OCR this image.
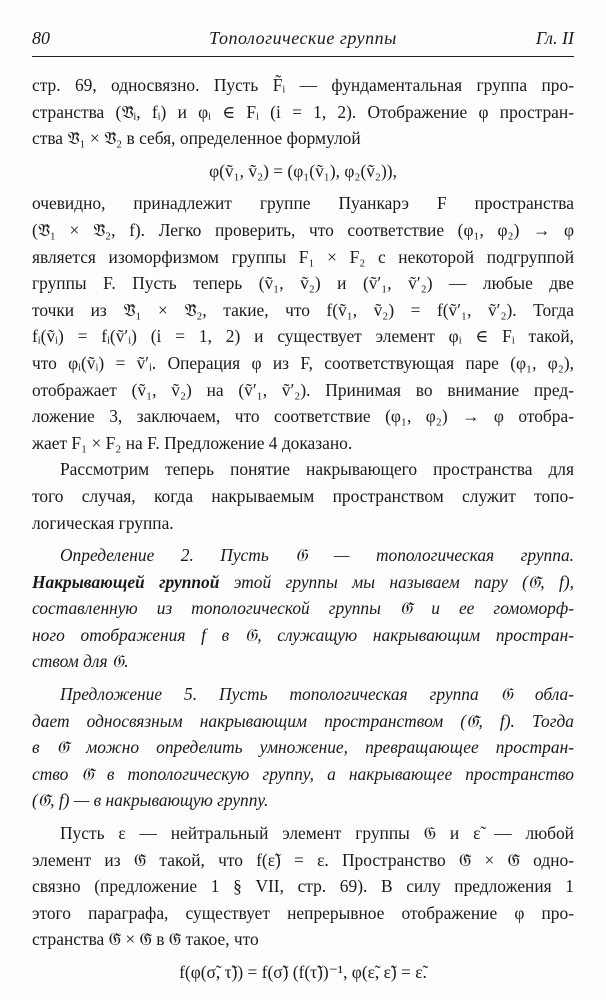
80	Топологические группы	Гл. II
стр. 69, односвязно. Пусть F̃ᵢ — фундаментальная группа про-
странства (𝔙̃ᵢ, fᵢ) и φᵢ ∈ Fᵢ (i = 1, 2). Отображение φ простран-
ства 𝔙̃₁ × 𝔙̃₂ в себя, определенное формулой
φ(ṽ₁, ṽ₂) = (φ₁(ṽ₁), φ₂(ṽ₂)),
очевидно, принадлежит группе Пуанкарэ F пространства
(𝔙̃₁ × 𝔙̃₂, f). Легко проверить, что соответствие (φ₁, φ₂) → φ
является изоморфизмом группы F₁ × F₂ с некоторой подгруппой
группы F. Пусть теперь (ṽ₁, ṽ₂) и (ṽ′₁, ṽ′₂) — любые две
точки из 𝔙̃₁ × 𝔙̃₂, такие, что f(ṽ₁, ṽ₂) = f(ṽ′₁, ṽ′₂). Тогда
fᵢ(ṽᵢ) = fᵢ(ṽ′ᵢ) (i = 1, 2) и существует элемент φᵢ ∈ Fᵢ такой,
что φᵢ(ṽᵢ) = ṽ′ᵢ. Операция φ из F, соответствующая паре (φ₁, φ₂),
отображает (ṽ₁, ṽ₂) на (ṽ′₁, ṽ′₂). Принимая во внимание пред-
ложение 3, заключаем, что соответствие (φ₁, φ₂) → φ отобра-
жает F₁ × F₂ на F. Предложение 4 доказано.
Рассмотрим теперь понятие накрывающего пространства для
того случая, когда накрываемым пространством служит топо-
логическая группа.
Определение 2. Пусть 𝔊 — топологическая группа.
Накрывающей группой этой группы мы называем пару (𝔊̃, f),
составленную из топологической группы 𝔊̃ и ее гомоморф-
ного отображения f в 𝔊, служащую накрывающим простран-
ством для 𝔊.
Предложение 5. Пусть топологическая группа 𝔊 обла-
дает односвязным накрывающим пространством (𝔊̃, f). Тогда
в 𝔊̃ можно определить умножение, превращающее простран-
ство 𝔊̃ в топологическую группу, а накрывающее пространство
(𝔊̃, f) — в накрывающую группу.
Пусть ε — нейтральный элемент группы 𝔊 и ε̃ — любой
элемент из 𝔊̃ такой, что f(ε̃) = ε. Пространство 𝔊̃ × 𝔊̃ одно-
связно (предложение 1 § VII, стр. 69). В силу предложения 1
этого параграфа, существует непрерывное отображение φ про-
странства 𝔊̃ × 𝔊̃ в 𝔊̃ такое, что
f(φ(σ̃, τ̃)) = f(σ̃) (f(τ̃))⁻¹, φ(ε̃, ε̃) = ε̃.
